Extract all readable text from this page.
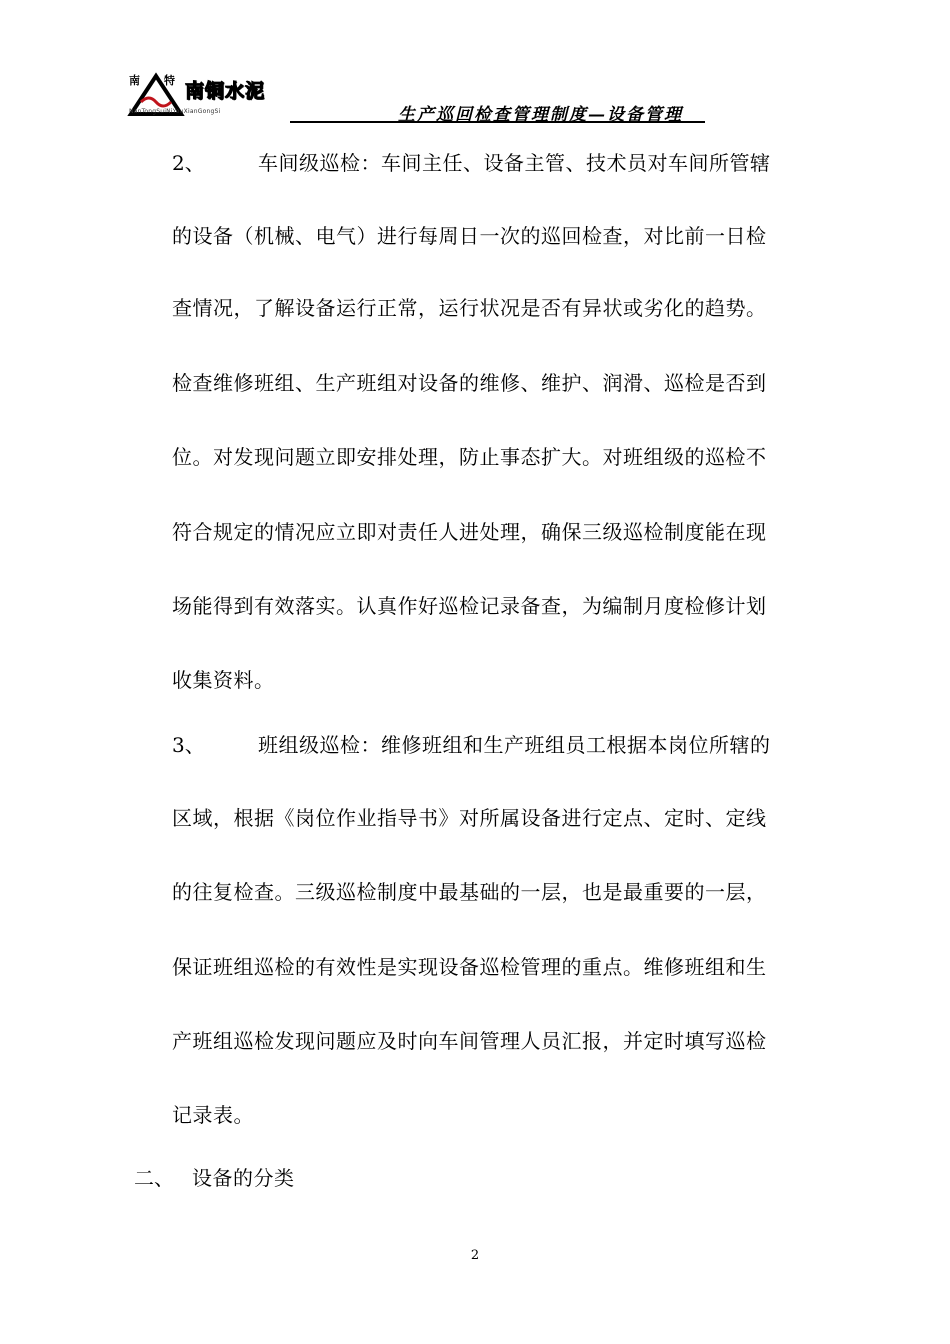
南 特 南铜水泥
NanTongSuiNiYouXianGongSi	生产巡回检查管理制度—设备管理
2、	车间级巡检：车间主任、设备主管、技术员对车间所管辖
的设备（机械、电气）进行每周日一次的巡回检查，对比前一日检
查情况，了解设备运行正常，运行状况是否有异状或劣化的趋势。
检查维修班组、生产班组对设备的维修、维护、润滑、巡检是否到
位。对发现问题立即安排处理，防止事态扩大。对班组级的巡检不
符合规定的情况应立即对责任人进处理，确保三级巡检制度能在现
场能得到有效落实。认真作好巡检记录备查，为编制月度检修计划
收集资料。
3、	班组级巡检：维修班组和生产班组员工根据本岗位所辖的
区域，根据《岗位作业指导书》对所属设备进行定点、定时、定线
的往复检查。三级巡检制度中最基础的一层，也是最重要的一层，
保证班组巡检的有效性是实现设备巡检管理的重点。维修班组和生
产班组巡检发现问题应及时向车间管理人员汇报，并定时填写巡检
记录表。
二、 设备的分类
2
